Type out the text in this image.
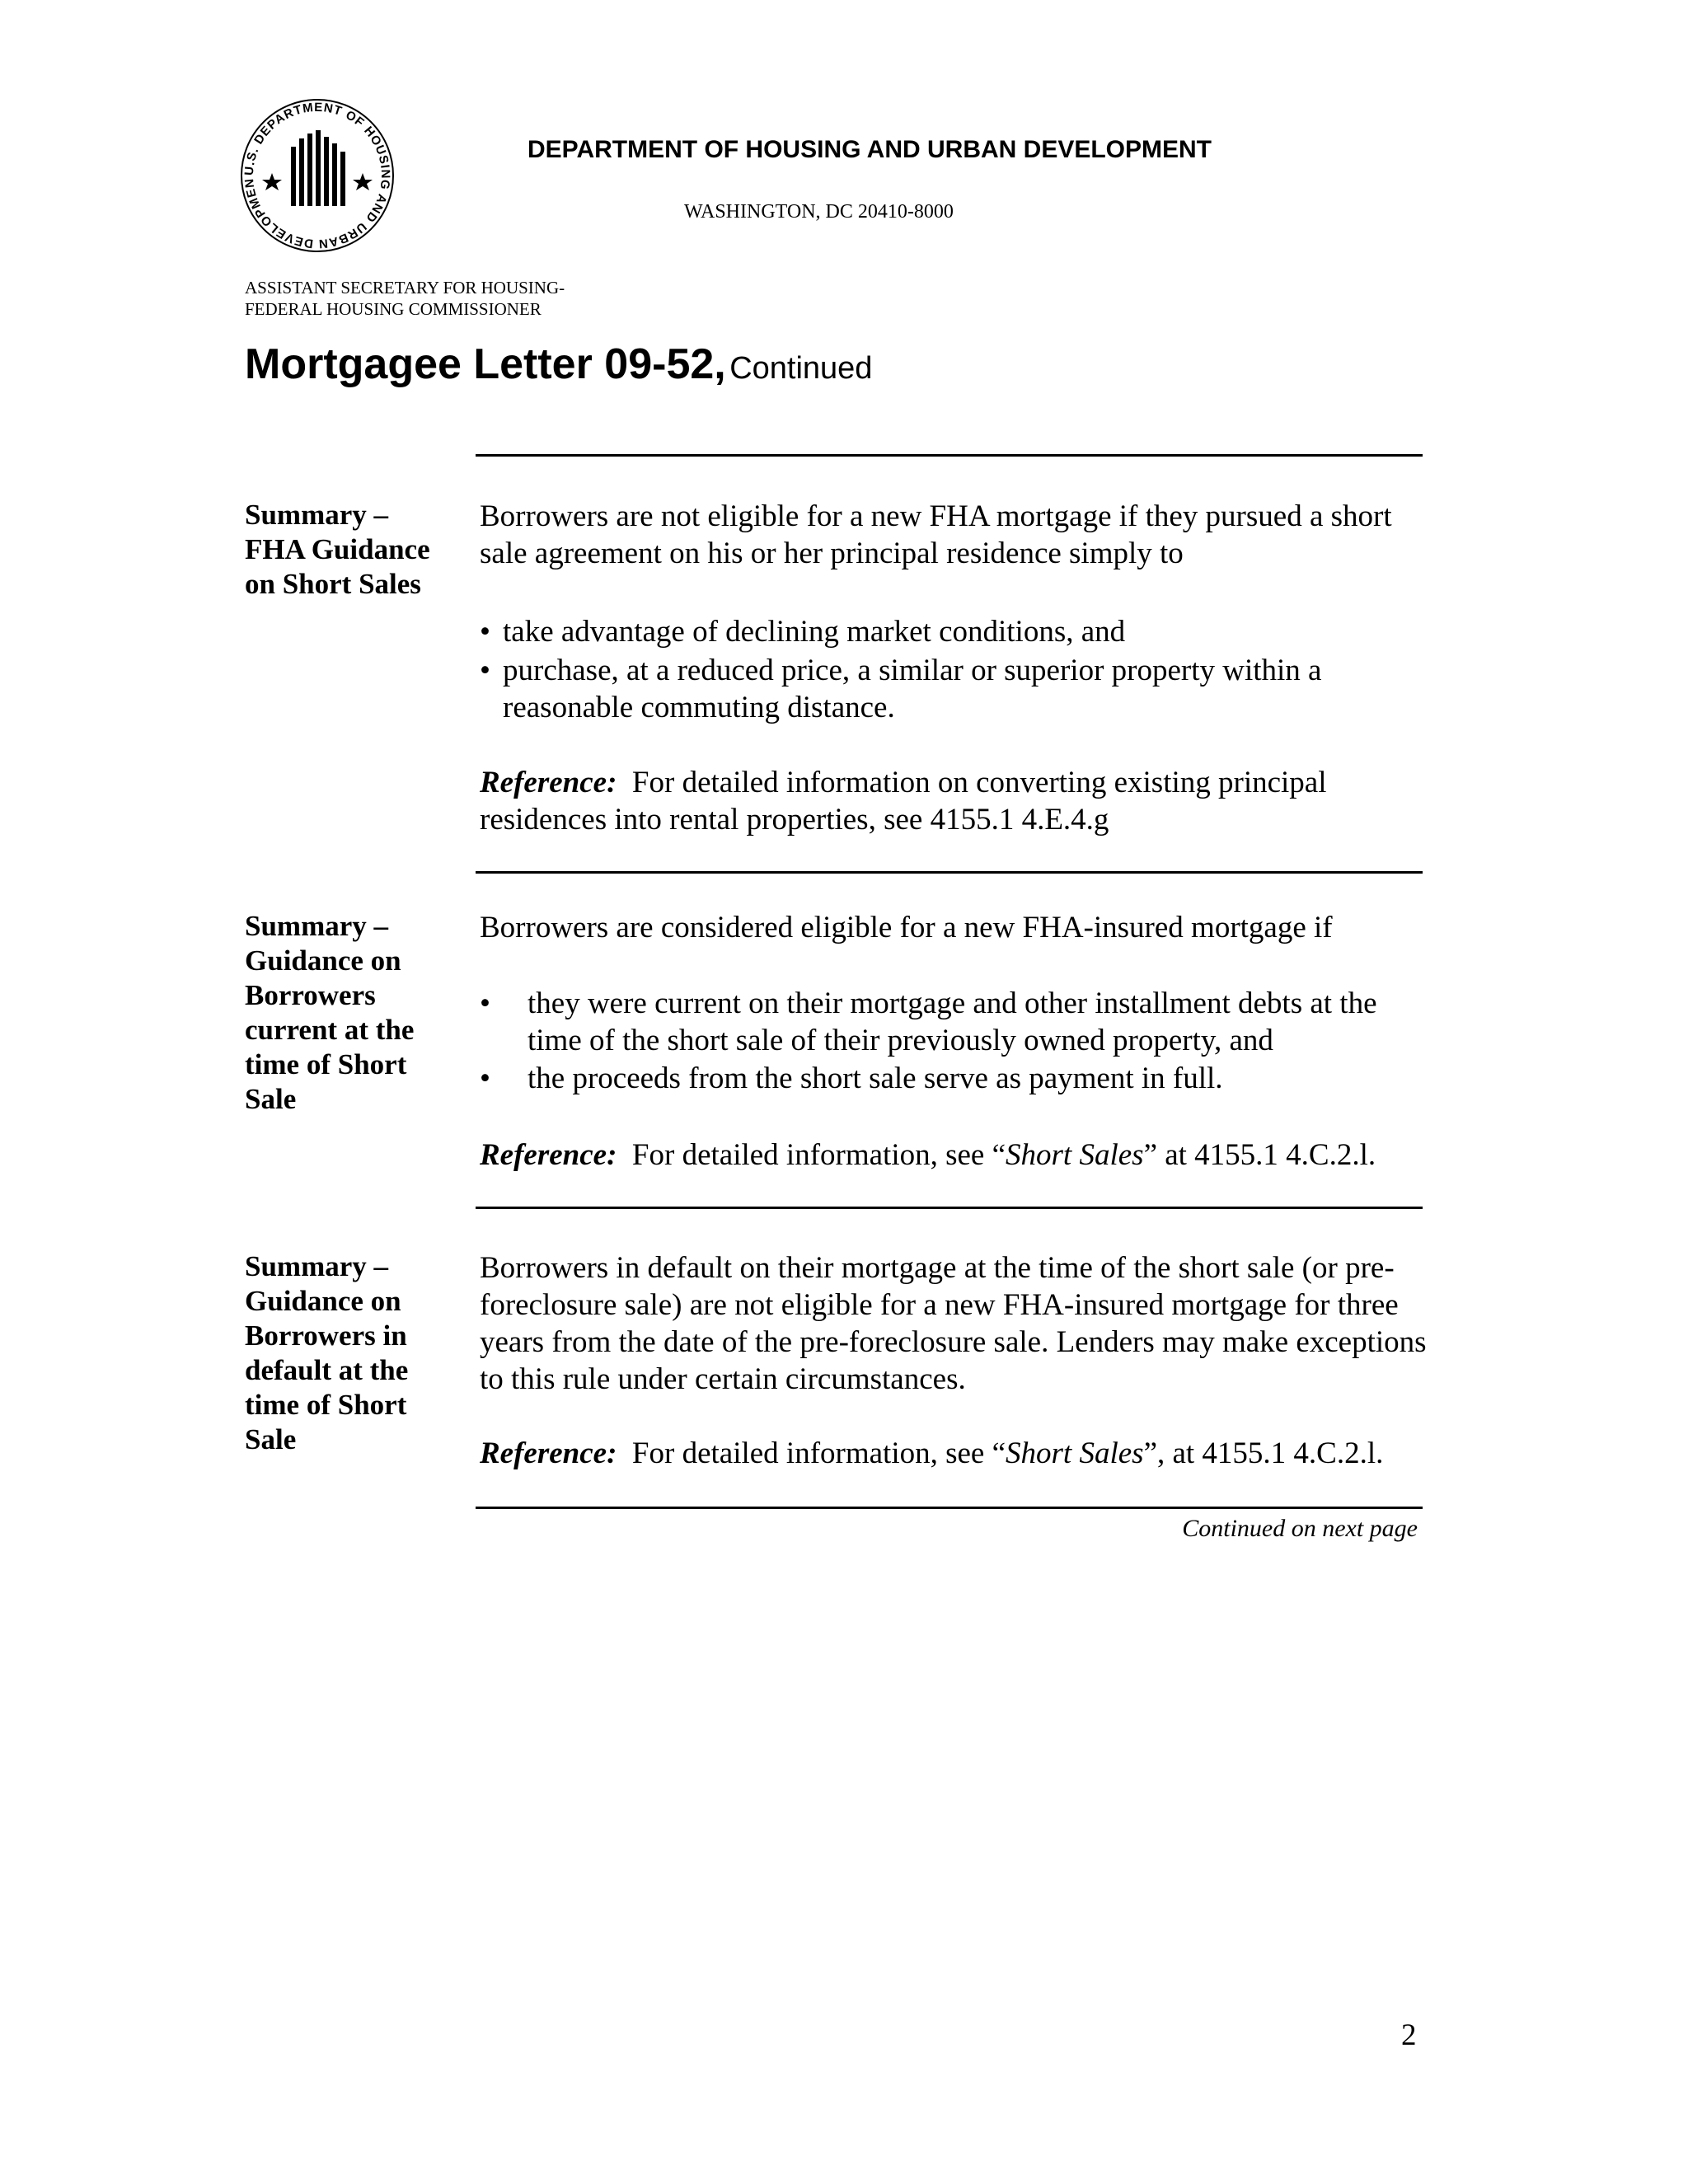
U.S. DEPARTMENT OF HOUSING AND URBAN DEVELOPMEN
DEPARTMENT OF HOUSING AND URBAN DEVELOPMENT
WASHINGTON, DC 20410-8000
ASSISTANT SECRETARY FOR HOUSING-
FEDERAL HOUSING COMMISSIONER
Mortgagee Letter 09-52, Continued
Summary –
FHA Guidance
on Short Sales

Borrowers are not eligible for a new FHA mortgage if they pursued a short

sale agreement on his or her principal residence simply to

• take advantage of declining market conditions, and
• purchase, at a reduced price, a similar or superior property within a
reasonable commuting distance.

Reference: For detailed information on converting existing principal

residences into rental properties, see 4155.1 4.E.4.g

Summary –
Guidance on
Borrowers
current at the
time of Short
Sale

Borrowers are considered eligible for a new FHA-insured mortgage if

•	they were current on their mortgage and other installment debts at the
time of the short sale of their previously owned property, and
•	the proceeds from the short sale serve as payment in full.

Reference: For detailed information, see “Short Sales” at 4155.1 4.C.2.l.

Summary –
Guidance on
Borrowers in
default at the
time of Short
Sale

Borrowers in default on their mortgage at the time of the short sale (or pre-

foreclosure sale) are not eligible for a new FHA-insured mortgage for three

years from the date of the pre-foreclosure sale. Lenders may make exceptions

to this rule under certain circumstances.

Reference: For detailed information, see “Short Sales”, at 4155.1 4.C.2.l.

Continued on next page
2
